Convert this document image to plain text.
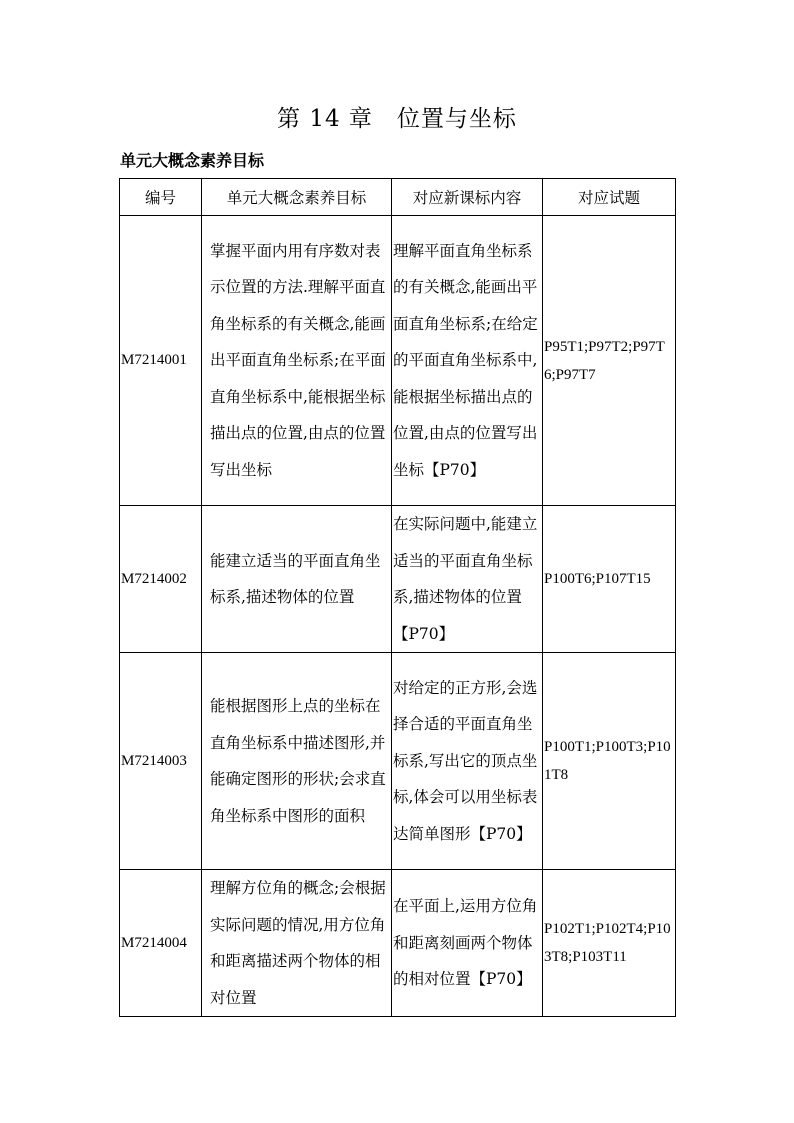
第 14 章　位置与坐标
单元大概念素养目标
编号	单元大概念素养目标	对应新课标内容	对应试题
M7214001	掌握平面内用有序数对表示位置的方法.理解平面直角坐标系的有关概念,能画出平面直角坐标系;在平面直角坐标系中,能根据坐标描出点的位置,由点的位置写出坐标	理解平面直角坐标系的有关概念,能画出平面直角坐标系;在给定的平面直角坐标系中,能根据坐标描出点的位置,由点的位置写出坐标【P70】	P95T1;P97T2;P97T6;P97T7
M7214002	能建立适当的平面直角坐标系,描述物体的位置	在实际问题中,能建立适当的平面直角坐标系,描述物体的位置【P70】	P100T6;P107T15
M7214003	能根据图形上点的坐标在直角坐标系中描述图形,并能确定图形的形状;会求直角坐标系中图形的面积	对给定的正方形,会选择合适的平面直角坐标系,写出它的顶点坐标,体会可以用坐标表达简单图形【P70】	P100T1;P100T3;P101T8
M7214004	理解方位角的概念;会根据实际问题的情况,用方位角和距离描述两个物体的相对位置	在平面上,运用方位角和距离刻画两个物体的相对位置【P70】	P102T1;P102T4;P103T8;P103T11
